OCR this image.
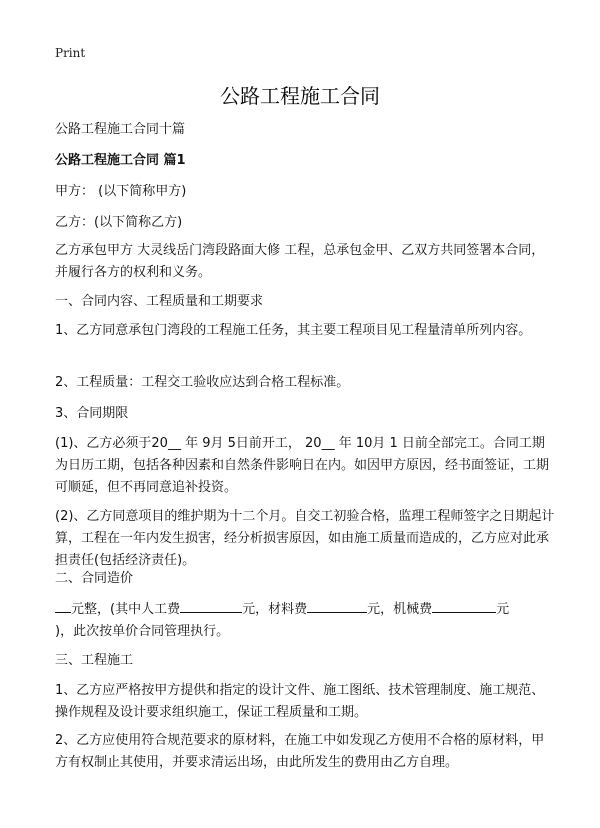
Print
公路工程施工合同
公路工程施工合同十篇
公路工程施工合同 篇1
甲方： (以下简称甲方)
乙方：(以下简称乙方)
乙方承包甲方 大灵线岳门湾段路面大修 工程，总承包金甲、乙双方共同签署本合同，并履行各方的权利和义务。
一、合同内容、工程质量和工期要求
1、乙方同意承包门湾段的工程施工任务，其主要工程项目见工程量清单所列内容。
2、工程质量：工程交工验收应达到合格工程标准。
3、合同期限
(1)、乙方必须于20__ 年 9月 5日前开工， 20__ 年 10月 1 日前全部完工。合同工期为日历工期，包括各种因素和自然条件影响日在内。如因甲方原因，经书面签证，工期可顺延，但不再同意追补投资。
(2)、乙方同意项目的维护期为十二个月。自交工初验合格，监理工程师签字之日期起计算，工程在一年内发生损害，经分析损害原因，如由施工质量而造成的，乙方应对此承担责任(包括经济责任)。
二、合同造价
元整，(其中人工费	元，材料费	元，机械费	元
)，此次按单价合同管理执行。
三、工程施工
1、乙方应严格按甲方提供和指定的设计文件、施工图纸、技术管理制度、施工规范、操作规程及设计要求组织施工，保证工程质量和工期。
2、乙方应使用符合规范要求的原材料，在施工中如发现乙方使用不合格的原材料，甲方有权制止其使用，并要求清运出场，由此所发生的费用由乙方自理。
